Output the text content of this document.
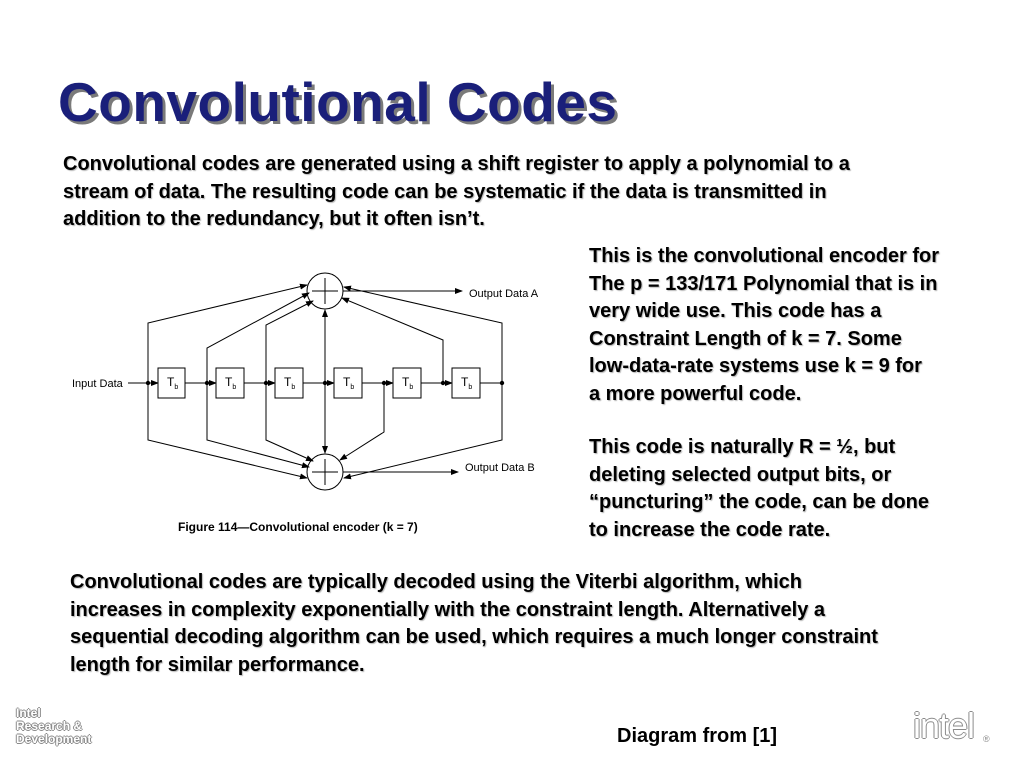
Convolutional Codes
Convolutional codes are generated using a shift register to apply a polynomial to a
stream of data. The resulting code can be systematic if the data is transmitted in
addition to the redundancy, but it often isn’t.
Input Data	$T_b$	$T_b$	$T_b$	$T_b$	$T_b$	$T_b$
Output Data A
Output Data B
Figure 114—Convolutional encoder (k = 7)
This is the convolutional encoder for
The p = 133/171 Polynomial that is in
very wide use. This code has a
Constraint Length of k = 7. Some
low-data-rate systems use k = 9 for
a more powerful code.
This code is naturally R = ½, but
deleting selected output bits, or
“puncturing” the code, can be done
to increase the code rate.
Convolutional codes are typically decoded using the Viterbi algorithm, which
increases in complexity exponentially with the constraint length. Alternatively a
sequential decoding algorithm can be used, which requires a much longer constraint
length for similar performance.
Intel
Research &
Development	Diagram from [1]	intel ®
